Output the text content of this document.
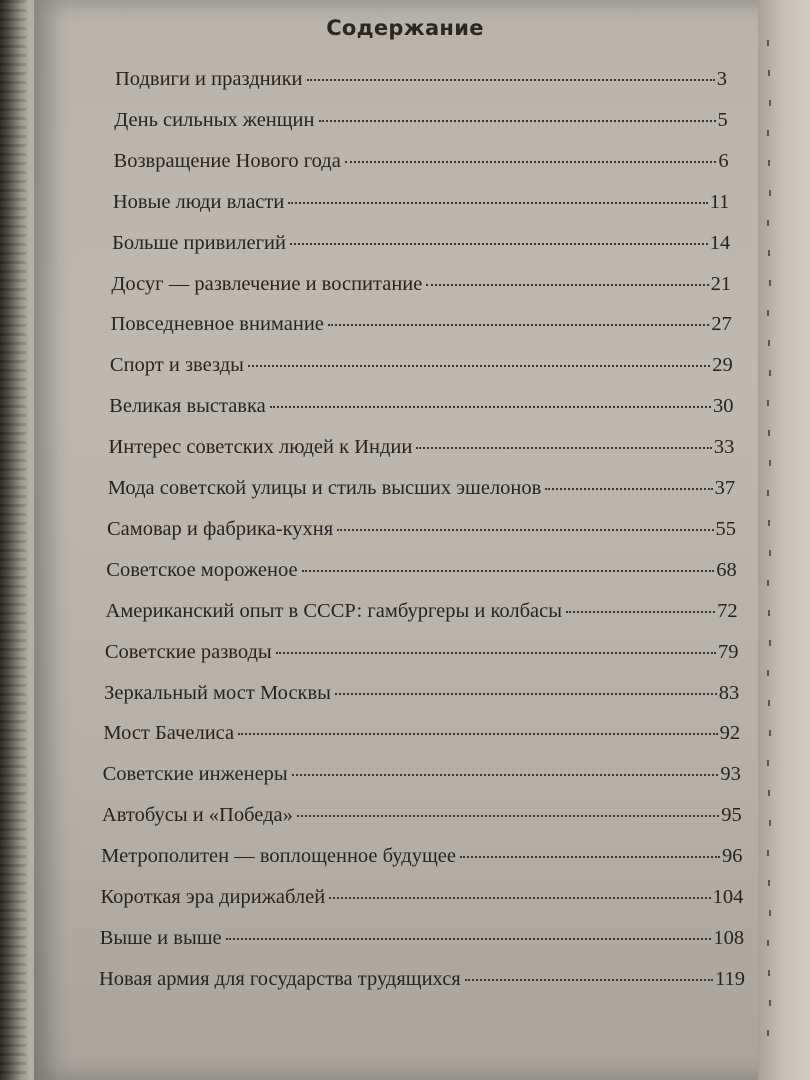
Содержание
Подвиги и праздники	3
День сильных женщин	5
Возвращение Нового года	6
Новые люди власти	11
Больше привилегий	14
Досуг — развлечение и воспитание	21
Повседневное внимание	27
Спорт и звезды	29
Великая выставка	30
Интерес советских людей к Индии	33
Мода советской улицы и стиль высших эшелонов	37
Самовар и фабрика-кухня	55
Советское мороженое	68
Американский опыт в СССР: гамбургеры и колбасы	72
Советские разводы	79
Зеркальный мост Москвы	83
Мост Бачелиса	92
Советские инженеры	93
Автобусы и «Победа»	95
Метрополитен — воплощенное будущее	96
Короткая эра дирижаблей	104
Выше и выше	108
Новая армия для государства трудящихся	119
